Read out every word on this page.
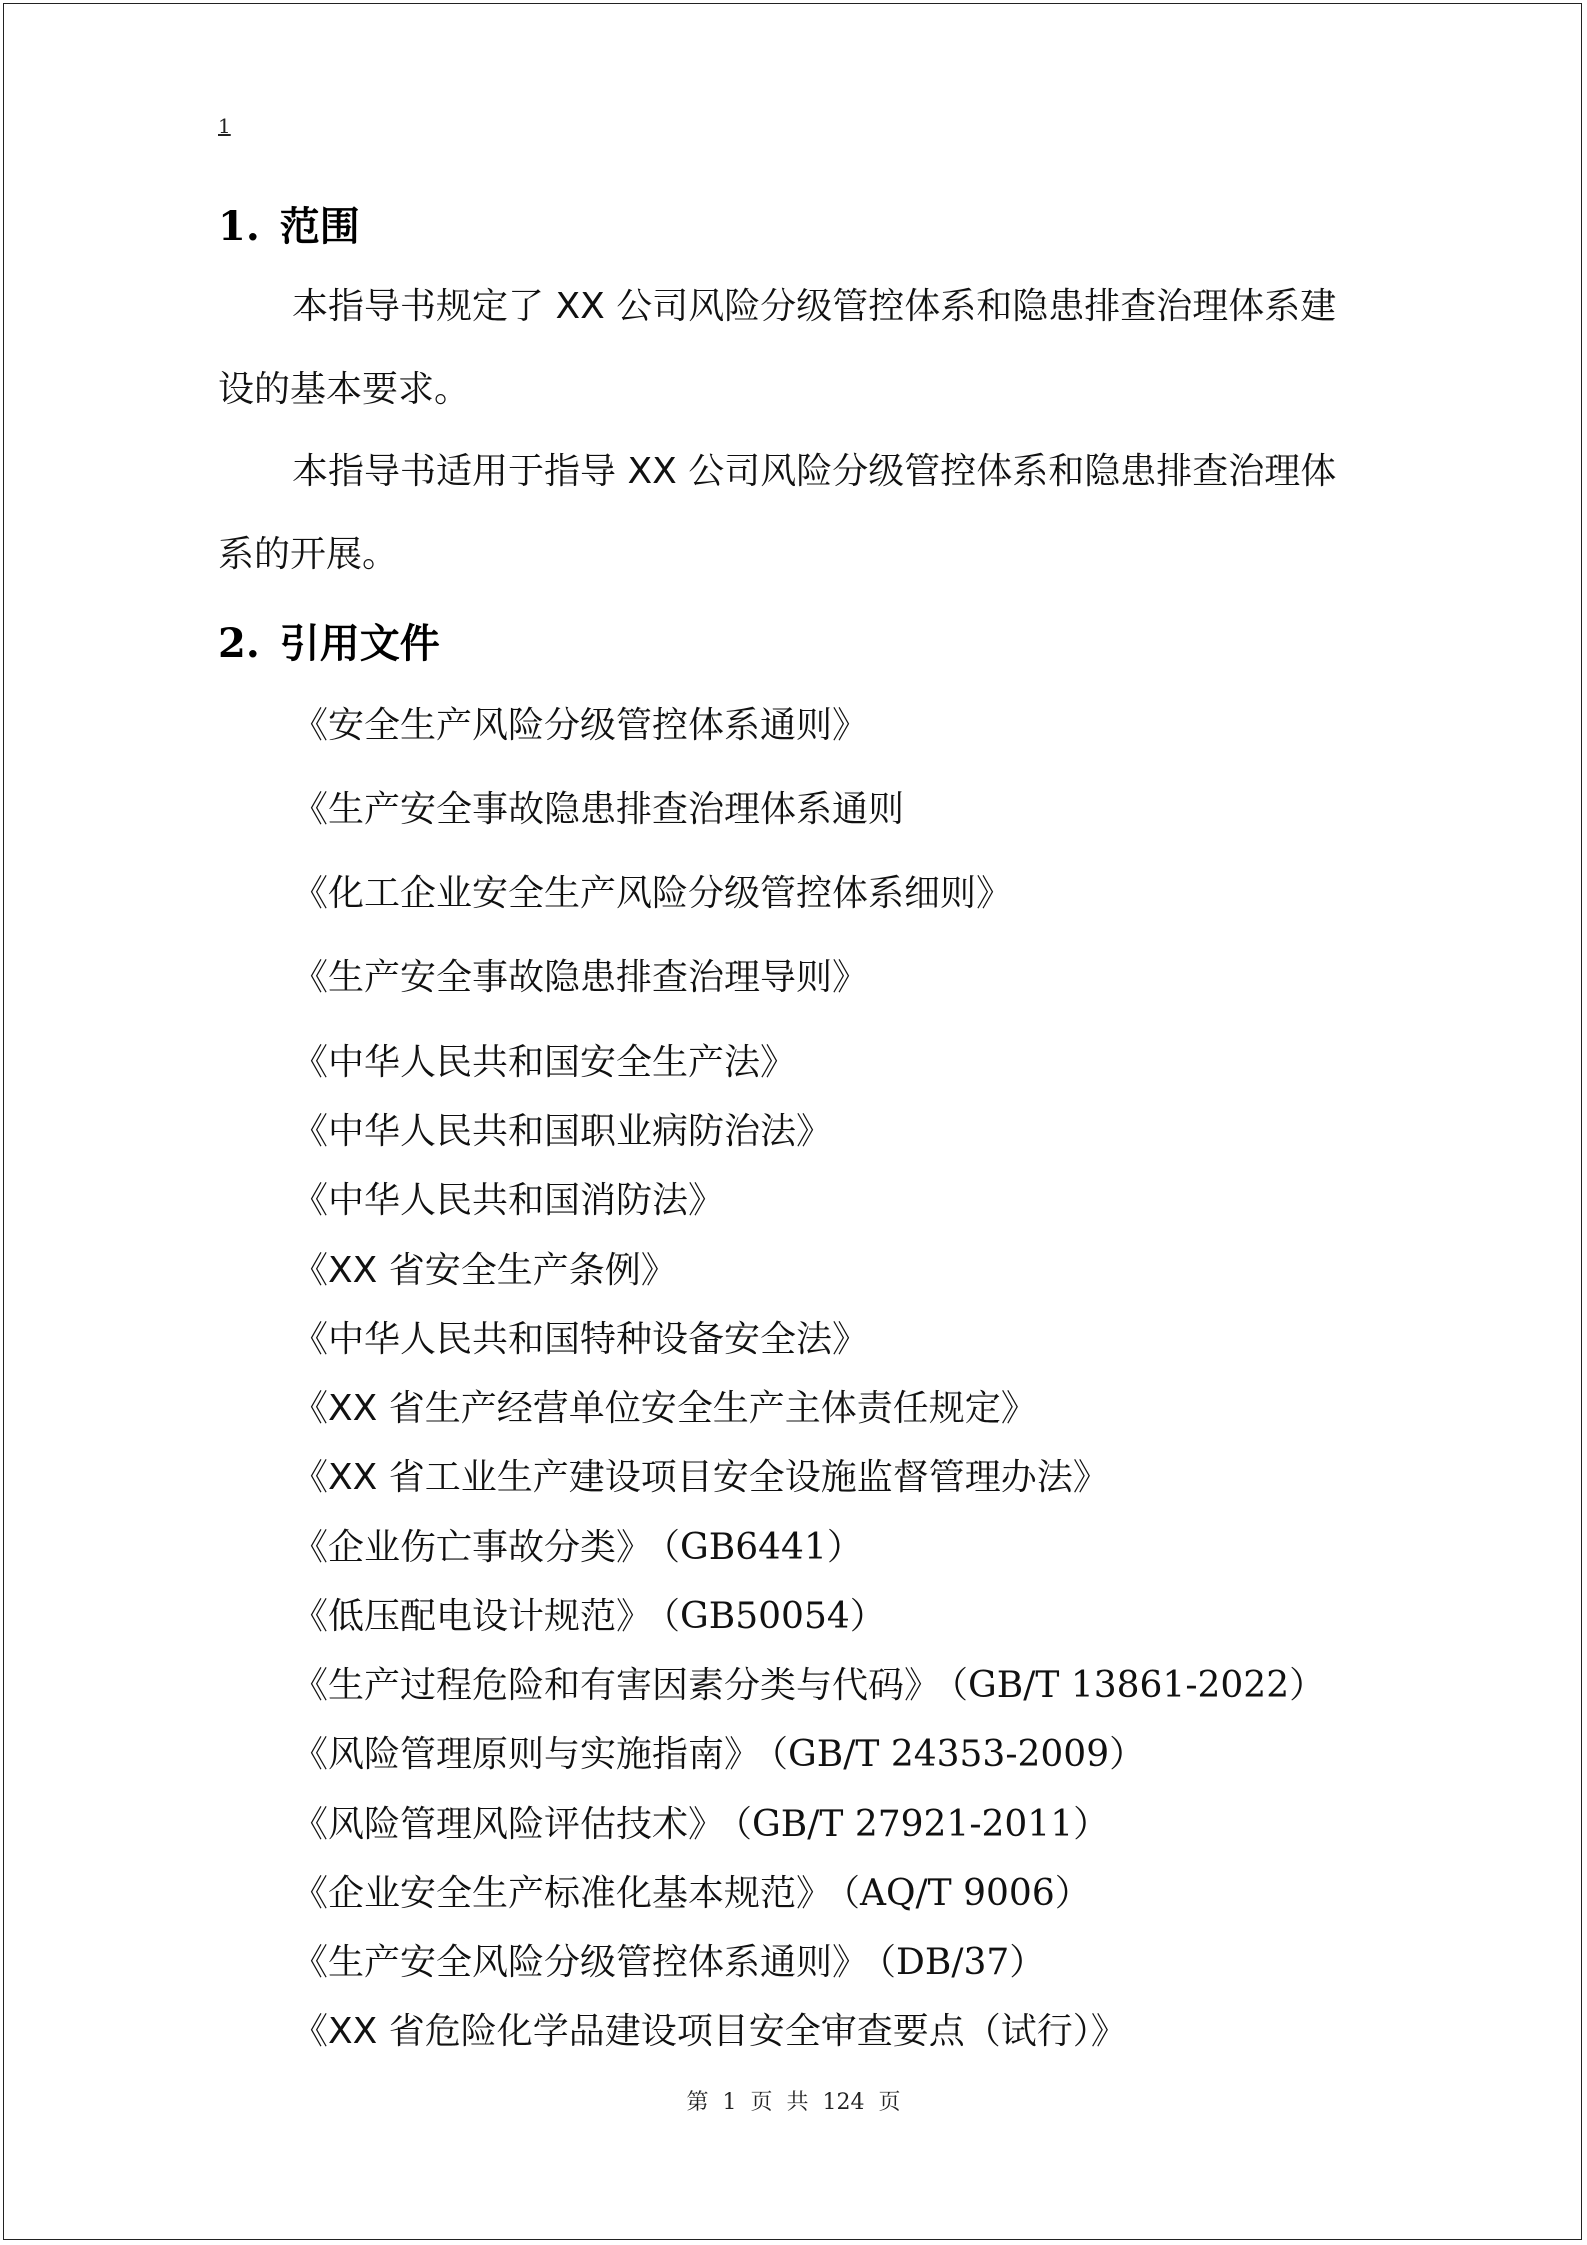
1
1. 范围
本指导书规定了 XX 公司风险分级管控体系和隐患排查治理体系建设的基本要求。
本指导书适用于指导 XX 公司风险分级管控体系和隐患排查治理体系的开展。
2. 引用文件
《安全生产风险分级管控体系通则》
《生产安全事故隐患排查治理体系通则
《化工企业安全生产风险分级管控体系细则》
《生产安全事故隐患排查治理导则》
《中华人民共和国安全生产法》
《中华人民共和国职业病防治法》
《中华人民共和国消防法》
《XX 省安全生产条例》
《中华人民共和国特种设备安全法》
《XX 省生产经营单位安全生产主体责任规定》
《XX 省工业生产建设项目安全设施监督管理办法》
《企业伤亡事故分类》 （GB6441）
《低压配电设计规范》 （GB50054）
《生产过程危险和有害因素分类与代码》 （GB/T 13861-2022）
《风险管理原则与实施指南》 （GB/T 24353-2009）
《风险管理风险评估技术》 （GB/T 27921-2011）
《企业安全生产标准化基本规范》 （AQ/T 9006）
《生产安全风险分级管控体系通则》 （DB/37）
《XX 省危险化学品建设项目安全审查要点（试行）》
第 1 页 共 124 页
